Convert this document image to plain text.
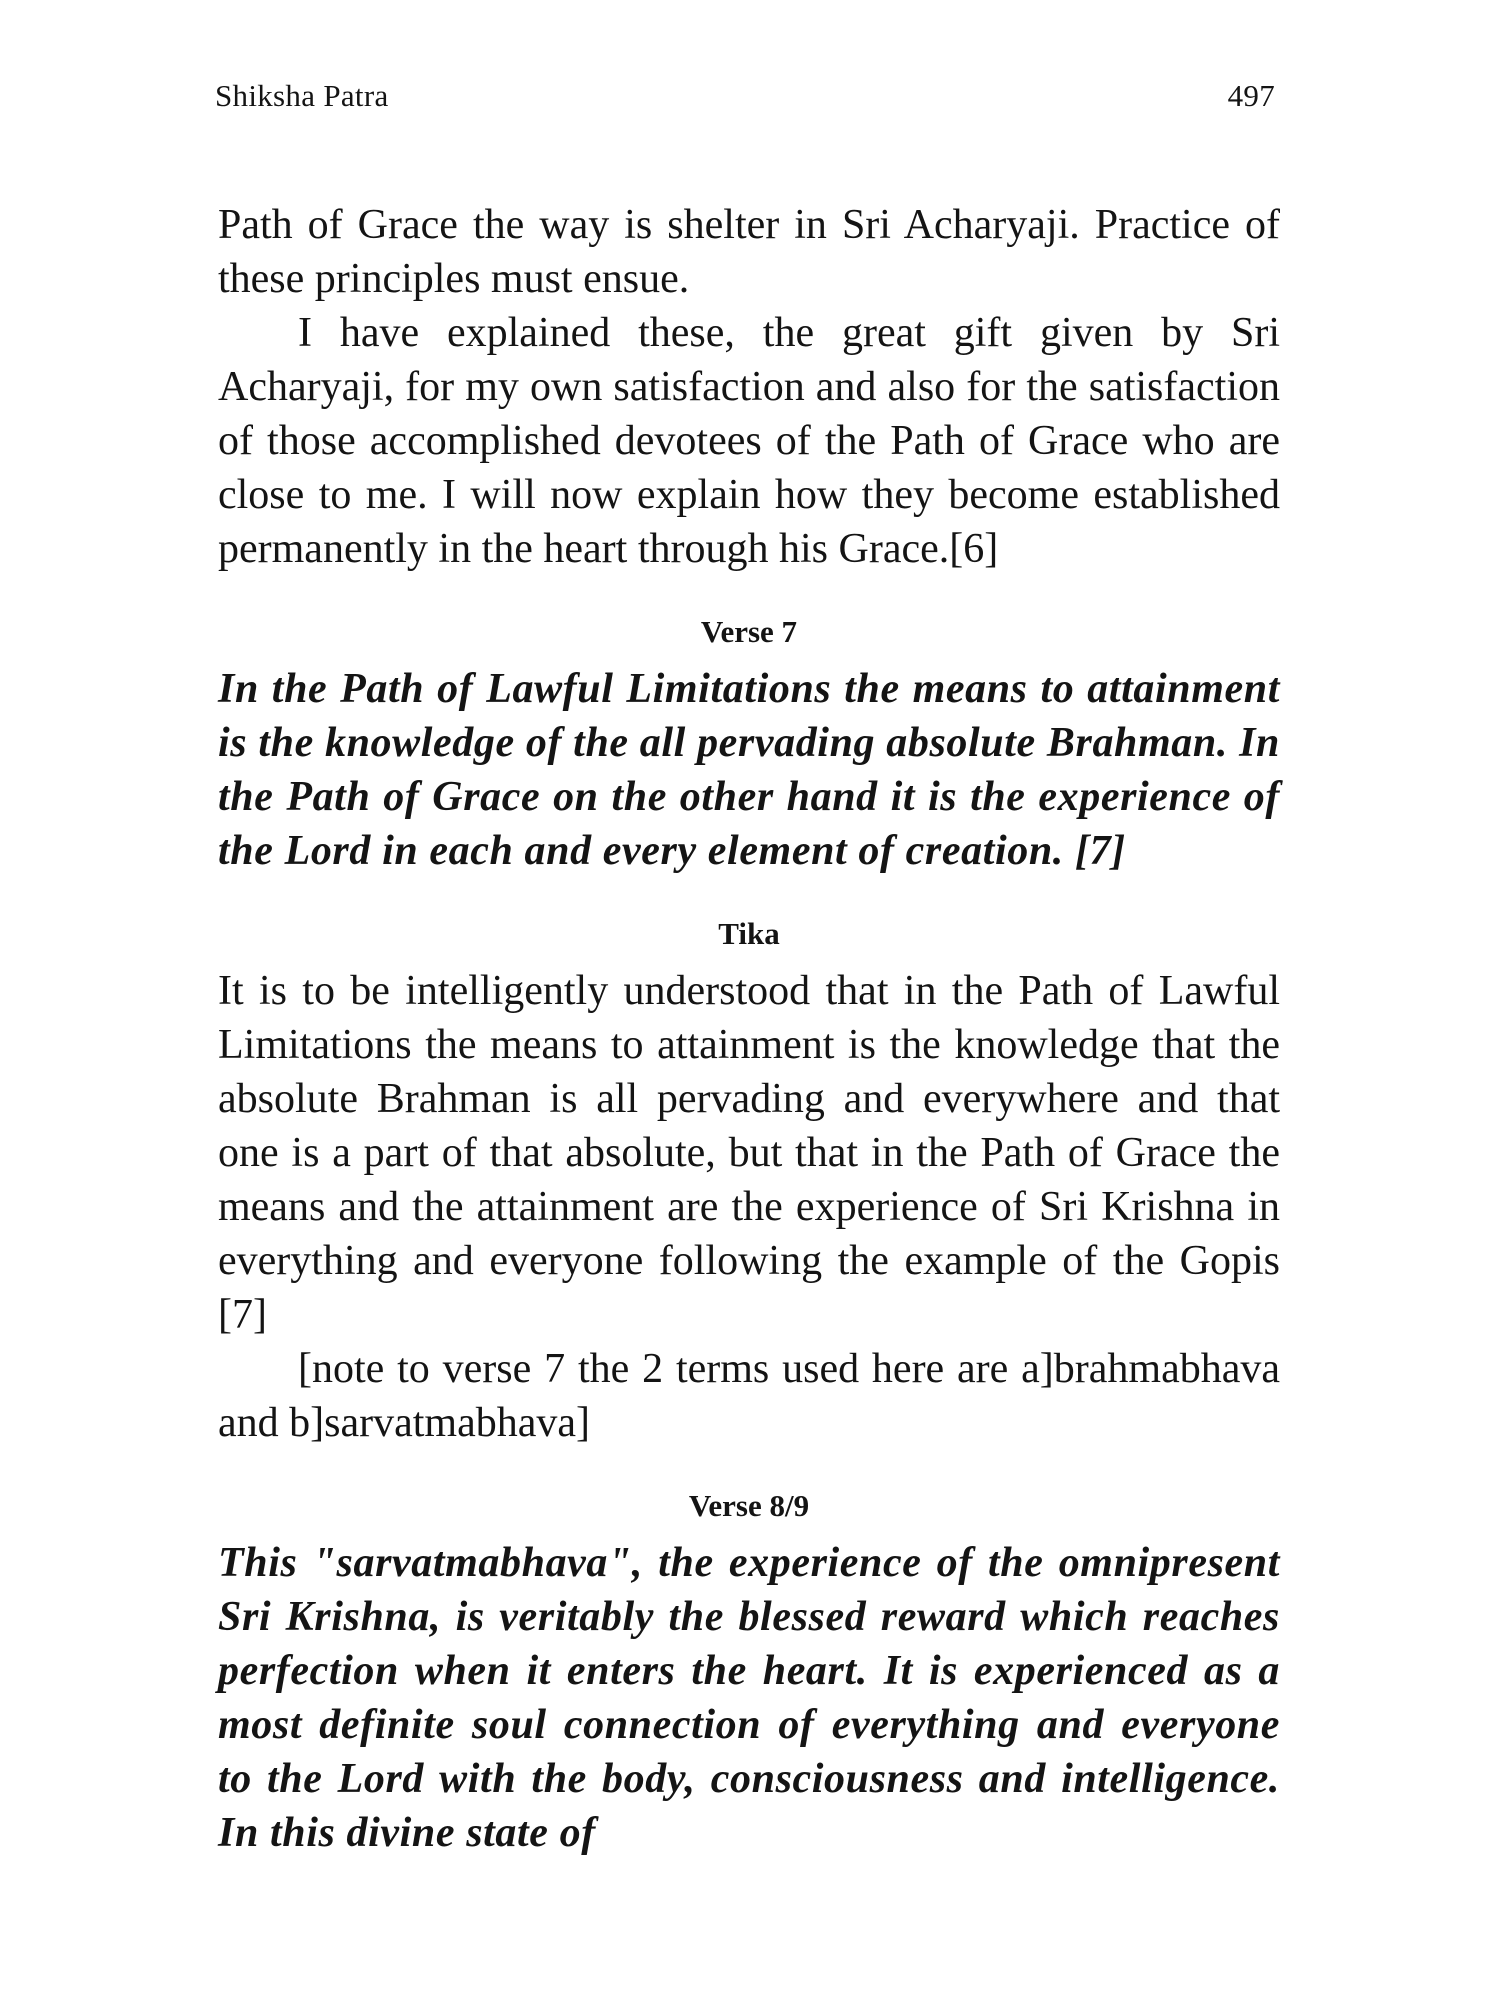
Shiksha Patra	497

Path of Grace the way is shelter in Sri Acharyaji. Practice of these principles must ensue.

I have explained these, the great gift given by Sri Acharyaji, for my own satisfaction and also for the satisfaction of those accomplished devotees of the Path of Grace who are close to me. I will now explain how they become established permanently in the heart through his Grace.[6]

Verse 7

In the Path of Lawful Limitations the means to attainment is the knowledge of the all pervading absolute Brahman. In the Path of Grace on the other hand it is the experience of the Lord in each and every element of creation. [7]

Tika

It is to be intelligently understood that in the Path of Lawful Limitations the means to attainment is the knowledge that the absolute Brahman is all pervading and everywhere and that one is a part of that absolute, but that in the Path of Grace the means and the attainment are the experience of Sri Krishna in everything and everyone following the example of the Gopis [7]

[note to verse 7 the 2 terms used here are a]brahmabhava and b]sarvatmabhava]

Verse 8/9

This "sarvatmabhava", the experience of the omnipresent Sri Krishna, is veritably the blessed reward which reaches perfection when it enters the heart. It is experienced as a most definite soul connection of everything and everyone to the Lord with the body, consciousness and intelligence. In this divine state of
